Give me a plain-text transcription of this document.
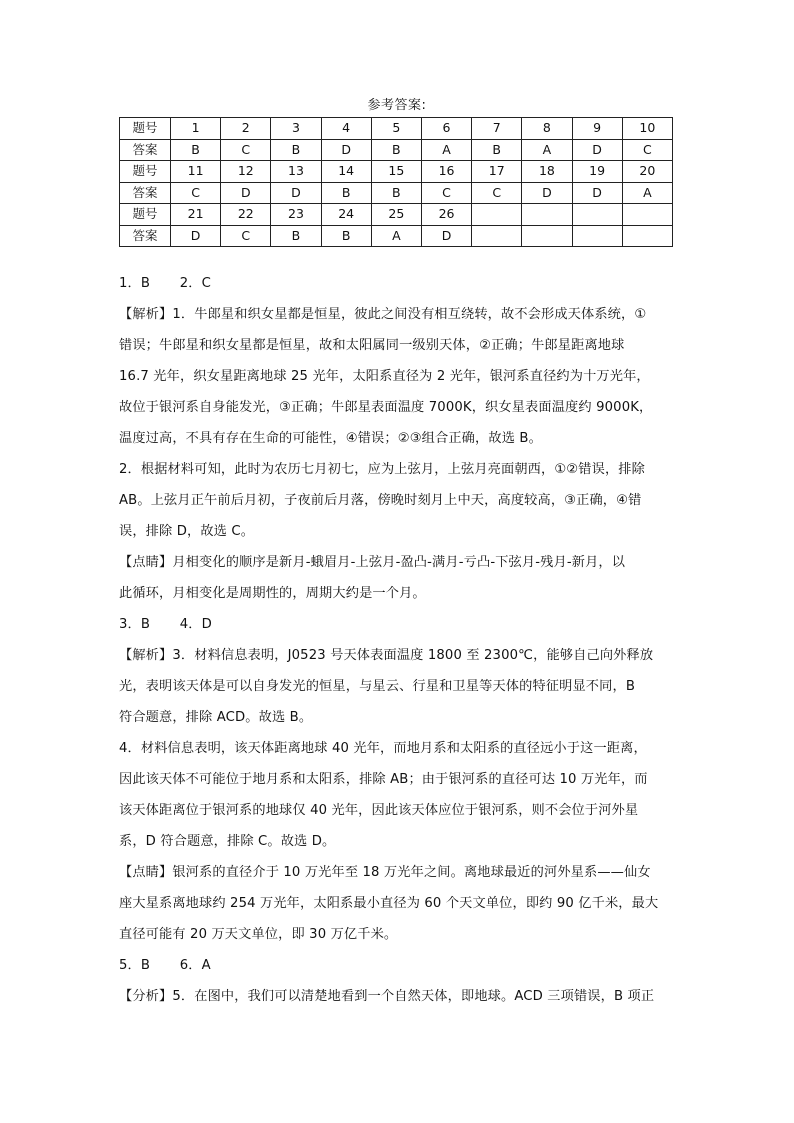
参考答案:
题号	1	2	3	4	5	6	7	8	9	10
答案	B	C	B	D	B	A	B	A	D	C
题号	11	12	13	14	15	16	17	18	19	20
答案	C	D	D	B	B	C	C	D	D	A
题号	21	22	23	24	25	26				
答案	D	C	B	B	A	D				

1．B　 2．C

【解析】1．牛郎星和织女星都是恒星，彼此之间没有相互绕转，故不会形成天体系统，①

错误；牛郎星和织女星都是恒星，故和太阳属同一级别天体，②正确；牛郎星距离地球

16.7 光年，织女星距离地球 25 光年，太阳系直径为 2 光年，银河系直径约为十万光年，

故位于银河系自身能发光，③正确；牛郎星表面温度 7000K，织女星表面温度约 9000K，

温度过高，不具有存在生命的可能性，④错误；②③组合正确，故选 B。

2．根据材料可知，此时为农历七月初七，应为上弦月，上弦月亮面朝西，①②错误，排除

AB。上弦月正午前后月初，子夜前后月落，傍晚时刻月上中天，高度较高，③正确，④错

误，排除 D，故选 C。

【点睛】月相变化的顺序是新月-蛾眉月-上弦月-盈凸-满月-亏凸-下弦月-残月-新月，以

此循环，月相变化是周期性的，周期大约是一个月。

3．B　 4．D

【解析】3．材料信息表明，J0523 号天体表面温度 1800 至 2300℃，能够自己向外释放

光，表明该天体是可以自身发光的恒星，与星云、行星和卫星等天体的特征明显不同，B

符合题意，排除 ACD。故选 B。

4．材料信息表明，该天体距离地球 40 光年，而地月系和太阳系的直径远小于这一距离，

因此该天体不可能位于地月系和太阳系，排除 AB；由于银河系的直径可达 10 万光年，而

该天体距离位于银河系的地球仅 40 光年，因此该天体应位于银河系，则不会位于河外星

系，D 符合题意，排除 C。故选 D。

【点睛】银河系的直径介于 10 万光年至 18 万光年之间。离地球最近的河外星系——仙女

座大星系离地球约 254 万光年，太阳系最小直径为 60 个天文单位，即约 90 亿千米，最大

直径可能有 20 万天文单位，即 30 万亿千米。

5．B　 6．A

【分析】5．在图中，我们可以清楚地看到一个自然天体，即地球。ACD 三项错误，B 项正
